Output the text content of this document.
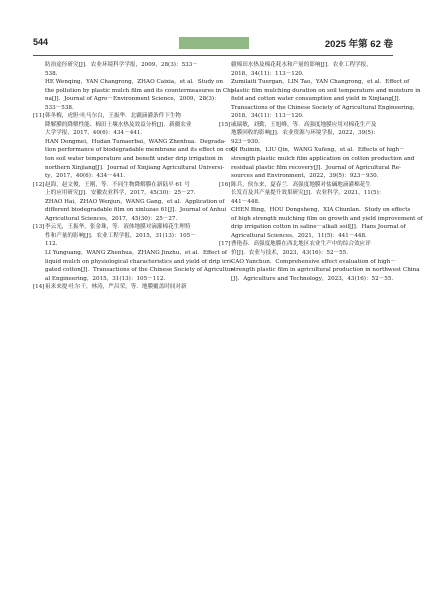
544	2025 年第 62 卷
防治途径研究[J]．农业环境科学学报，2009，28(3)：533－
538.
HE Wenqing，YAN Changrong，ZHAO Caixia，et al．Study on
the pollution by plastic mulch film and its countermeasures in Chi-
na[J]．Journal of Agro－Environment Science，2009，28(3)：
533－538.
[11] 韩冬梅，虎胆·吐马尔白，王振华．北疆滴灌条件下生物
降解膜的降解性能、棉田土壤水热及效益分析[J]．新疆农业
大学学报，2017，40(6)：434－441.
HAN Dongmei，Hudan Tumaerbai，WANG Zhenhua．Degrada-
tion performance of biodegradable membrane and its effect on cot-
ton soil water temperature and benefit under drip irrigation in
northern Xinjiang[J]．Journal of Xinjiang Agricultural Universi-
ty，2017，40(6)：434－441.
[12] 赵海，赵文俊，王刚，等．不同生物降解膜在新陆早 61 号
上的应用研究[J]．安徽农业科学，2017，45(30)：25－27.
ZHAO Hai，ZHAO Wenjun，WANG Gang，et al．Application of
different biodegradable film on xinluzao 61[J]．Journal of Anhui
Agricultural Sciences，2017，45(30)：25－27.
[13] 李云光，王振华，张金珠，等．液体地膜对滴灌棉花生理特
性和产量的影响[J]．农业工程学报，2015，31(13)：105－
112.
LI Yunguang，WANG Zhenhua，ZHANG Jinzhu，et al．Effect of
liquid mulch on physiological characteristics and yield of drip irri-
gated cotton[J]．Transactions of the Chinese Society of Agricultur-
al Engineering，2015，31(13)：105－112.
[14] 祖米来提·吐尔干，林涛，严昌荣，等．地膜覆盖时间对新
疆棉田水热及棉花耗水和产量的影响[J]．农业工程学报，
2018，34(11)：113－120.
Zumilaiti Tuergan，LIN Tao，YAN Changrong，et al．Effect of
plastic film mulching duration on soil temperature and moisture in
field and cotton water consumption and yield in Xinjiang[J]．
Transactions of the Chinese Society of Agricultural Engineering，
2018，34(11)：113－120.
[15] 戚瑞敏，刘勤，王旭峰，等．高强度地膜应用对棉花生产及
地膜回收的影响[J]．农业资源与环境学报，2022，39(5)：
923－930.
QI Ruimin，LIU Qin，WANG Xufeng，et al．Effects of high－
strength plastic mulch film application on cotton production and
residual plastic film recovery[J]．Journal of Agricultural Re-
sources and Environment，2022，39(5)：923－930.
[16] 陈兵，侯东来，夏春兰．高强度地膜对盐碱地滴灌棉花生
长发育及其产量提升效果研究[J]．农业科学，2021，11(5)：
441－448.
CHEN Bing，HOU Dongsheng，XIA Chunlan．Study on effects
of high strength mulching film on growth and yield improvement of
drip irrigation cotton in saline－alkali soil[J]．Hans Journal of
Agricultural Sciences，2021，11(5)：441－448.
[17] 曹艳春．高强度地膜在西北地区农业生产中的综合效应评
价[J]．农业与技术，2023，43(16)：52－55.
CAO Yanchun．Comprehensive effect evaluation of high－
strength plastic film in agricultural production in northwest China
[J]．Agriculture and Technology，2023，43(16)：52－55.
